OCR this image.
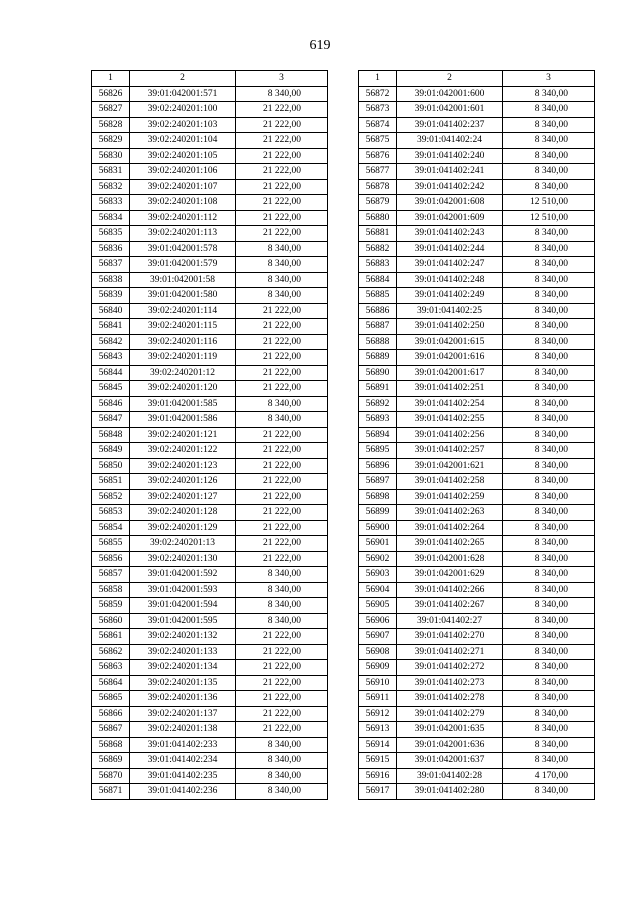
619
1	2	3
56826	39:01:042001:571	8 340,00
56827	39:02:240201:100	21 222,00
56828	39:02:240201:103	21 222,00
56829	39:02:240201:104	21 222,00
56830	39:02:240201:105	21 222,00
56831	39:02:240201:106	21 222,00
56832	39:02:240201:107	21 222,00
56833	39:02:240201:108	21 222,00
56834	39:02:240201:112	21 222,00
56835	39:02:240201:113	21 222,00
56836	39:01:042001:578	8 340,00
56837	39:01:042001:579	8 340,00
56838	39:01:042001:58	8 340,00
56839	39:01:042001:580	8 340,00
56840	39:02:240201:114	21 222,00
56841	39:02:240201:115	21 222,00
56842	39:02:240201:116	21 222,00
56843	39:02:240201:119	21 222,00
56844	39:02:240201:12	21 222,00
56845	39:02:240201:120	21 222,00
56846	39:01:042001:585	8 340,00
56847	39:01:042001:586	8 340,00
56848	39:02:240201:121	21 222,00
56849	39:02:240201:122	21 222,00
56850	39:02:240201:123	21 222,00
56851	39:02:240201:126	21 222,00
56852	39:02:240201:127	21 222,00
56853	39:02:240201:128	21 222,00
56854	39:02:240201:129	21 222,00
56855	39:02:240201:13	21 222,00
56856	39:02:240201:130	21 222,00
56857	39:01:042001:592	8 340,00
56858	39:01:042001:593	8 340,00
56859	39:01:042001:594	8 340,00
56860	39:01:042001:595	8 340,00
56861	39:02:240201:132	21 222,00
56862	39:02:240201:133	21 222,00
56863	39:02:240201:134	21 222,00
56864	39:02:240201:135	21 222,00
56865	39:02:240201:136	21 222,00
56866	39:02:240201:137	21 222,00
56867	39:02:240201:138	21 222,00
56868	39:01:041402:233	8 340,00
56869	39:01:041402:234	8 340,00
56870	39:01:041402:235	8 340,00
56871	39:01:041402:236	8 340,00
1	2	3
56872	39:01:042001:600	8 340,00
56873	39:01:042001:601	8 340,00
56874	39:01:041402:237	8 340,00
56875	39:01:041402:24	8 340,00
56876	39:01:041402:240	8 340,00
56877	39:01:041402:241	8 340,00
56878	39:01:041402:242	8 340,00
56879	39:01:042001:608	12 510,00
56880	39:01:042001:609	12 510,00
56881	39:01:041402:243	8 340,00
56882	39:01:041402:244	8 340,00
56883	39:01:041402:247	8 340,00
56884	39:01:041402:248	8 340,00
56885	39:01:041402:249	8 340,00
56886	39:01:041402:25	8 340,00
56887	39:01:041402:250	8 340,00
56888	39:01:042001:615	8 340,00
56889	39:01:042001:616	8 340,00
56890	39:01:042001:617	8 340,00
56891	39:01:041402:251	8 340,00
56892	39:01:041402:254	8 340,00
56893	39:01:041402:255	8 340,00
56894	39:01:041402:256	8 340,00
56895	39:01:041402:257	8 340,00
56896	39:01:042001:621	8 340,00
56897	39:01:041402:258	8 340,00
56898	39:01:041402:259	8 340,00
56899	39:01:041402:263	8 340,00
56900	39:01:041402:264	8 340,00
56901	39:01:041402:265	8 340,00
56902	39:01:042001:628	8 340,00
56903	39:01:042001:629	8 340,00
56904	39:01:041402:266	8 340,00
56905	39:01:041402:267	8 340,00
56906	39:01:041402:27	8 340,00
56907	39:01:041402:270	8 340,00
56908	39:01:041402:271	8 340,00
56909	39:01:041402:272	8 340,00
56910	39:01:041402:273	8 340,00
56911	39:01:041402:278	8 340,00
56912	39:01:041402:279	8 340,00
56913	39:01:042001:635	8 340,00
56914	39:01:042001:636	8 340,00
56915	39:01:042001:637	8 340,00
56916	39:01:041402:28	4 170,00
56917	39:01:041402:280	8 340,00
